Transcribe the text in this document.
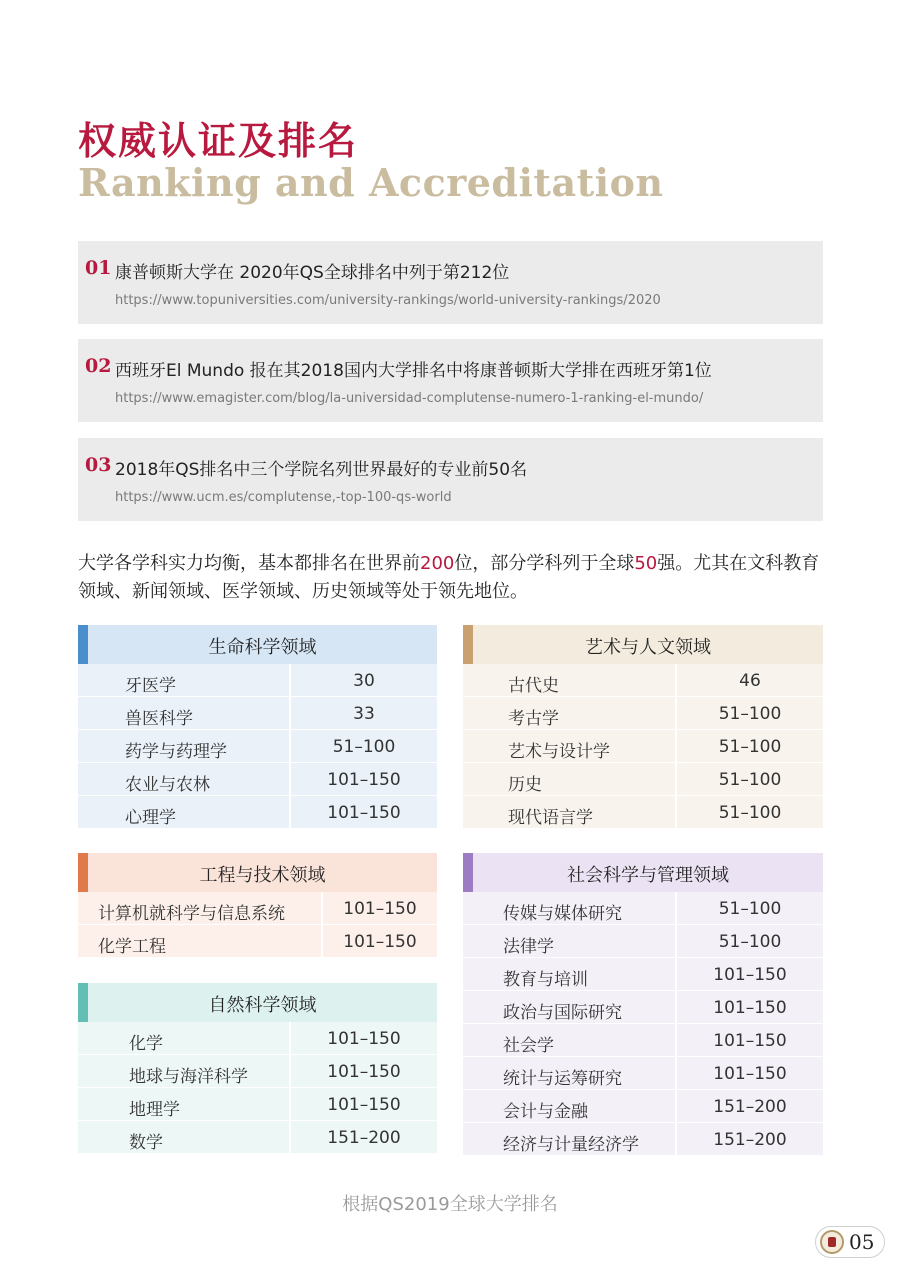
权威认证及排名
Ranking and Accreditation
01 康普顿斯大学在 2020年QS全球排名中列于第212位
https://www.topuniversities.com/university-rankings/world-university-rankings/2020
02 西班牙El Mundo 报在其2018国内大学排名中将康普顿斯大学排在西班牙第1位
https://www.emagister.com/blog/la-universidad-complutense-numero-1-ranking-el-mundo/
03 2018年QS排名中三个学院名列世界最好的专业前50名
https://www.ucm.es/complutense,-top-100-qs-world
大学各学科实力均衡，基本都排名在世界前200位，部分学科列于全球50强。尤其在文科教育领域、新闻领域、医学领域、历史领域等处于领先地位。
生命科学领域
牙医学	30
兽医科学	33
药学与药理学	51–100
农业与农林	101–150
心理学	101–150
艺术与人文领域
古代史	46
考古学	51–100
艺术与设计学	51–100
历史	51–100
现代语言学	51–100
工程与技术领域
计算机就科学与信息系统	101–150
化学工程	101–150
自然科学领域
化学	101–150
地球与海洋科学	101–150
地理学	101–150
数学	151–200
社会科学与管理领域
传媒与媒体研究	51–100
法律学	51–100
教育与培训	101–150
政治与国际研究	101–150
社会学	101–150
统计与运筹研究	101–150
会计与金融	151–200
经济与计量经济学	151–200
根据QS2019全球大学排名
05
